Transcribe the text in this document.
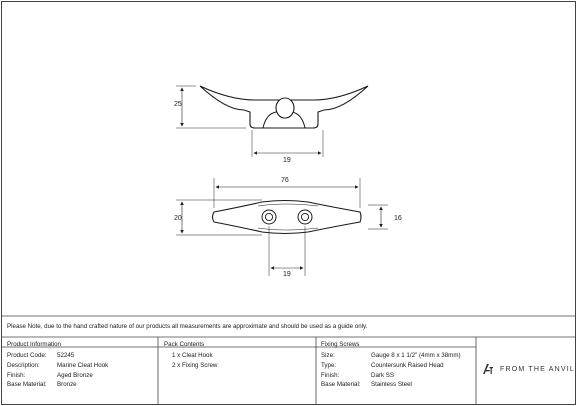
25
19
76
20	16
19
Please Note, due to the hand crafted nature of our products all measurements are approximate and should be used as a guide only.
Product Information
Product Code: 52245
Description:	Marine Cleat Hook
Finish:	Aged Bronze
Base Material: Bronze
Pack Contents
1 x Cleat Hook
2 x Fixing Screw
Fixing Screws
Size:	Gauge 8 x 1 1/2" (4mm x 38mm)
Type:	Countersunk Raised Head
Finish:	Dark SS
Base Material: Stainless Steel
FROM THE ANVIL
